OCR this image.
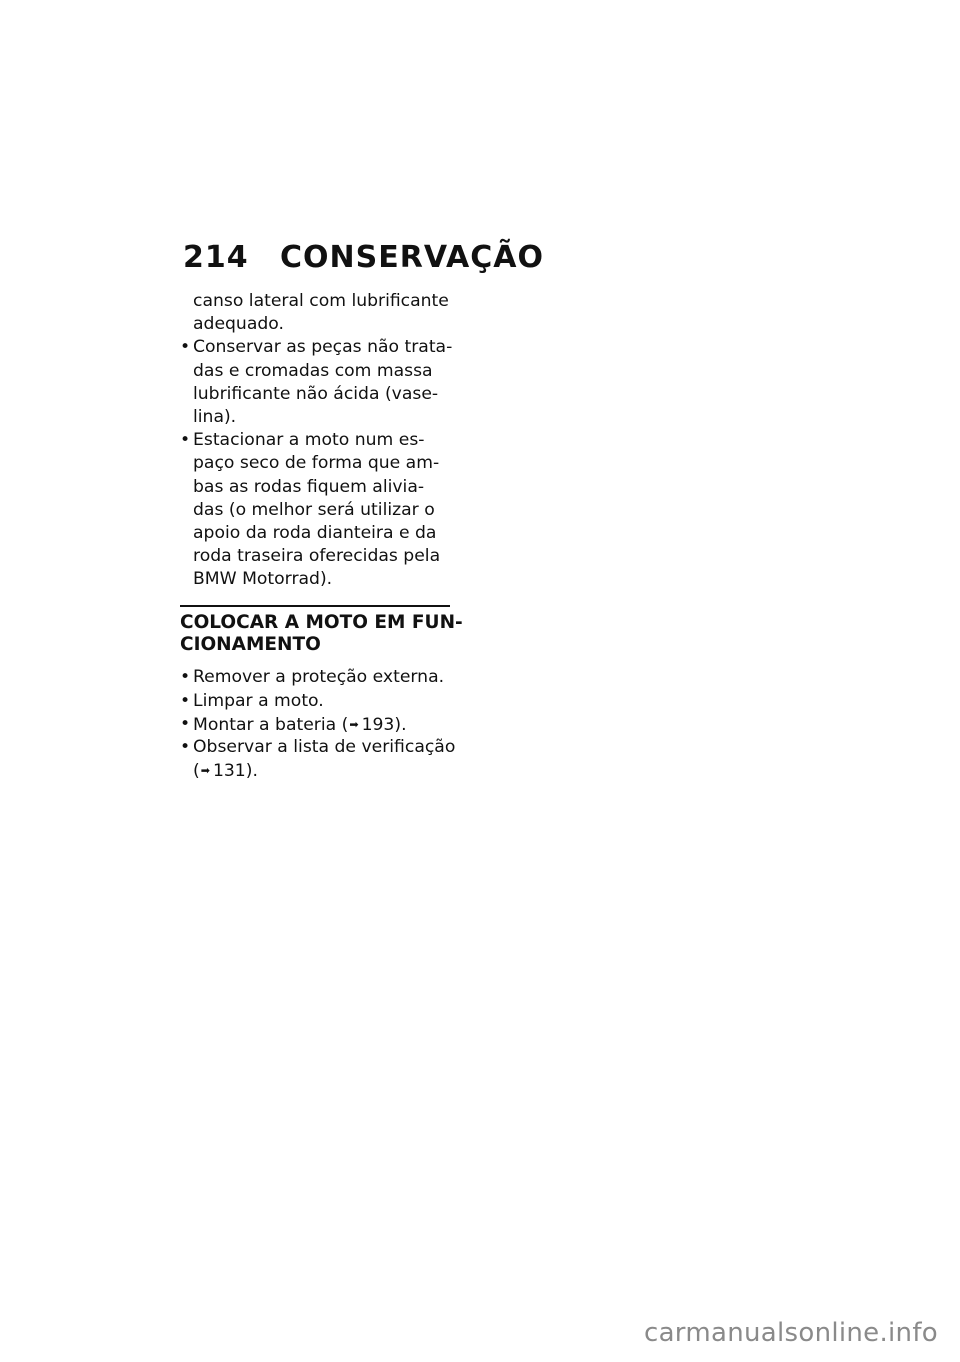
214	CONSERVAÇÃO
canso lateral com lubrificante
adequado.
• Conservar as peças não trata-
das e cromadas com massa
lubrificante não ácida (vase-
lina).
• Estacionar a moto num es-
paço seco de forma que am-
bas as rodas fiquem alivia-
das (o melhor será utilizar o
apoio da roda dianteira e da
roda traseira oferecidas pela
BMW Motorrad).
COLOCAR A MOTO EM FUN-
CIONAMENTO
• Remover a proteção externa.
• Limpar a moto.
• Montar a bateria (➡ 193).
• Observar a lista de verificação
(➡ 131).
carmanualsonline.info
